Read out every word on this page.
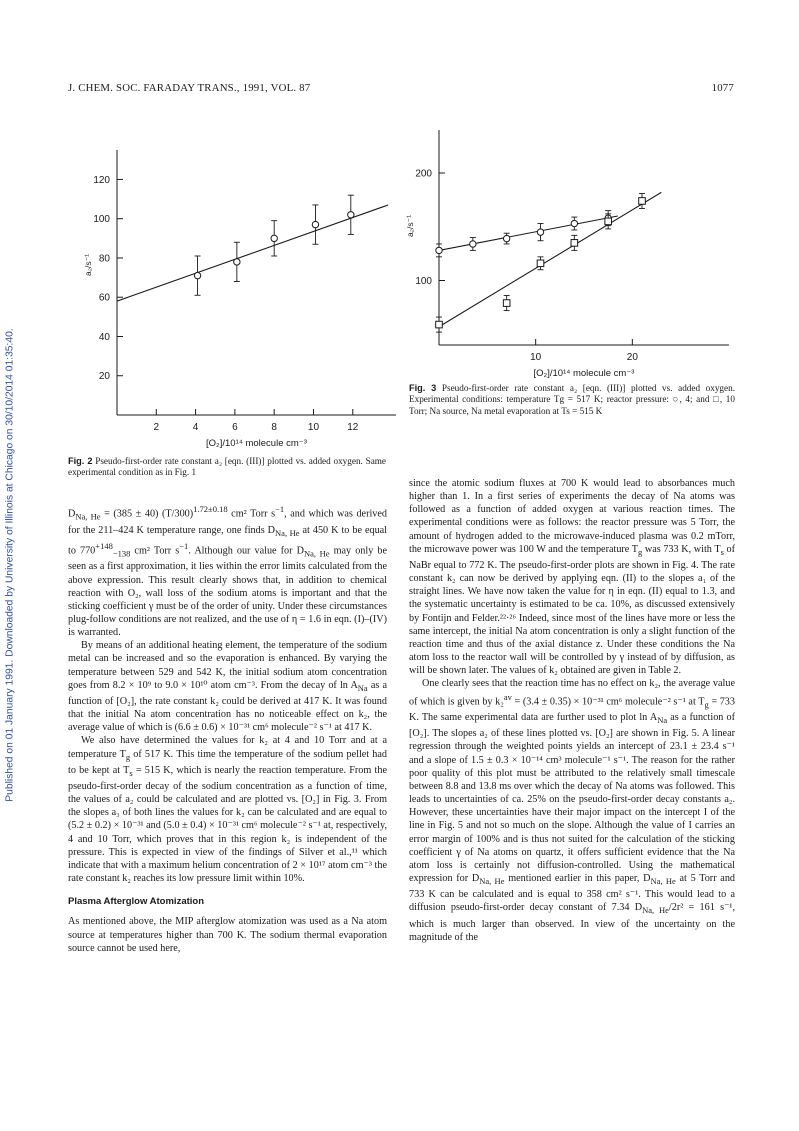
Published on 01 January 1991. Downloaded by University of Illinois at Chicago on 30/10/2014 01:35:40.
J. CHEM. SOC. FARADAY TRANS., 1991, VOL. 87	1077
20
40
60
80
100
120
2	4	6	8	10	12
[O₂]/10¹⁴ molecule cm⁻³
a₂/s⁻¹
Fig. 2 Pseudo-first-order rate constant a₂ [eqn. (III)] plotted vs. added oxygen. Same experimental condition as in Fig. 1
100
200
10	20
[O₂]/10¹⁴ molecule cm⁻³
a₂/s⁻¹
Fig. 3 Pseudo-first-order rate constant a₂ [eqn. (III)] plotted vs. added oxygen. Experimental conditions: temperature Tg = 517 K; reactor pressure: ○, 4; and □, 10 Torr; Na source, Na metal evaporation at Ts = 515 K

$D_{Na, He} = (385 \pm 40)$ $(T/300)^{1.72\pm 0.18}$ cm² Torr $s^{-1}$, and which was derived for the 211–424 K temperature range, one finds $D_{Na, He}$ at 450 K to be equal to $770^{+148}_{-138}$ cm² Torr $s^{-1}$. Although our value for $D_{Na, He}$ may only be seen as a first approximation, it lies within the error limits calculated from the above expression. This result clearly shows that, in addition to chemical reaction with O₂, wall loss of the sodium atoms is important and that the sticking coefficient γ must be of the order of unity. Under these circumstances plug-follow conditions are not realized, and the use of η = 1.6 in eqn. (I)–(IV) is warranted.

By means of an additional heating element, the temperature of the sodium metal can be increased and so the evaporation is enhanced. By varying the temperature between 529 and 542 K, the initial sodium atom concentration goes from 8.2 × 10⁹ to 9.0 × 10¹⁰ atom cm⁻³. From the decay of $\ln A_{Na}$ as a function of [O₂], the rate constant k₂ could be derived at 417 K. It was found that the initial Na atom concentration has no noticeable effect on k₂, the average value of which is (6.6 ± 0.6) × 10⁻³¹ cm⁶ molecule⁻² s⁻¹ at 417 K.

We also have determined the values for k₂ at 4 and 10 Torr and at a temperature $T_g$ of 517 K. This time the temperature of the sodium pellet had to be kept at $T_s = 515$ K, which is nearly the reaction temperature. From the pseudo-first-order decay of the sodium concentration as a function of time, the values of a₂ could be calculated and are plotted vs. [O₂] in Fig. 3. From the slopes a₃ of both lines the values for k₂ can be calculated and are equal to (5.2 ± 0.2) × 10⁻³¹ and (5.0 ± 0.4) × 10⁻³¹ cm⁶ molecule⁻² s⁻¹ at, respectively, 4 and 10 Torr, which proves that in this region k₂ is independent of the pressure. This is expected in view of the findings of Silver et al.,¹¹ which indicate that with a maximum helium concentration of 2 × 10¹⁷ atom cm⁻³ the rate constant k₂ reaches its low pressure limit within 10%.

Plasma Afterglow Atomization

As mentioned above, the MIP afterglow atomization was used as a Na atom source at temperatures higher than 700 K. The sodium thermal evaporation source cannot be used here,

since the atomic sodium fluxes at 700 K would lead to absorbances much higher than 1. In a first series of experiments the decay of Na atoms was followed as a function of added oxygen at various reaction times. The experimental conditions were as follows: the reactor pressure was 5 Torr, the amount of hydrogen added to the microwave-induced plasma was 0.2 mTorr, the microwave power was 100 W and the temperature $T_g$ was 733 K, with $T_s$ of NaBr equal to 772 K. The pseudo-first-order plots are shown in Fig. 4. The rate constant k₂ can now be derived by applying eqn. (II) to the slopes a₁ of the straight lines. We have now taken the value for η in eqn. (II) equal to 1.3, and the systematic uncertainty is estimated to be ca. 10%, as discussed extensively by Fontijn and Felder.²²·²⁶ Indeed, since most of the lines have more or less the same intercept, the initial Na atom concentration is only a slight function of the reaction time and thus of the axial distance z. Under these conditions the Na atom loss to the reactor wall will be controlled by γ instead of by diffusion, as will be shown later. The values of k₂ obtained are given in Table 2.

One clearly sees that the reaction time has no effect on k₂, the average value of which is given by k₂$^{av}$ = (3.4 ± 0.35) × 10⁻³¹ cm⁶ molecule⁻² s⁻¹ at $T_g = 733$ K. The same experimental data are further used to plot $\ln A_{Na}$ as a function of [O₂]. The slopes a₂ of these lines plotted vs. [O₂] are shown in Fig. 5. A linear regression through the weighted points yields an intercept of 23.1 ± 23.4 s⁻¹ and a slope of 1.5 ± 0.3 × 10⁻¹⁴ cm³ molecule⁻¹ s⁻¹. The reason for the rather poor quality of this plot must be attributed to the relatively small timescale between 8.8 and 13.8 ms over which the decay of Na atoms was followed. This leads to uncertainties of ca. 25% on the pseudo-first-order decay constants a₂. However, these uncertainties have their major impact on the intercept I of the line in Fig. 5 and not so much on the slope. Although the value of I carries an error margin of 100% and is thus not suited for the calculation of the sticking coefficient γ of Na atoms on quartz, it offers sufficient evidence that the Na atom loss is certainly not diffusion-controlled. Using the mathematical expression for $D_{Na, He}$ mentioned earlier in this paper, $D_{Na, He}$ at 5 Torr and 733 K can be calculated and is equal to 358 cm² s⁻¹. This would lead to a diffusion pseudo-first-order decay constant of 7.34 $D_{Na, He}/2r^2 = 161$ s⁻¹, which is much larger than observed. In view of the uncertainty on the magnitude of the
